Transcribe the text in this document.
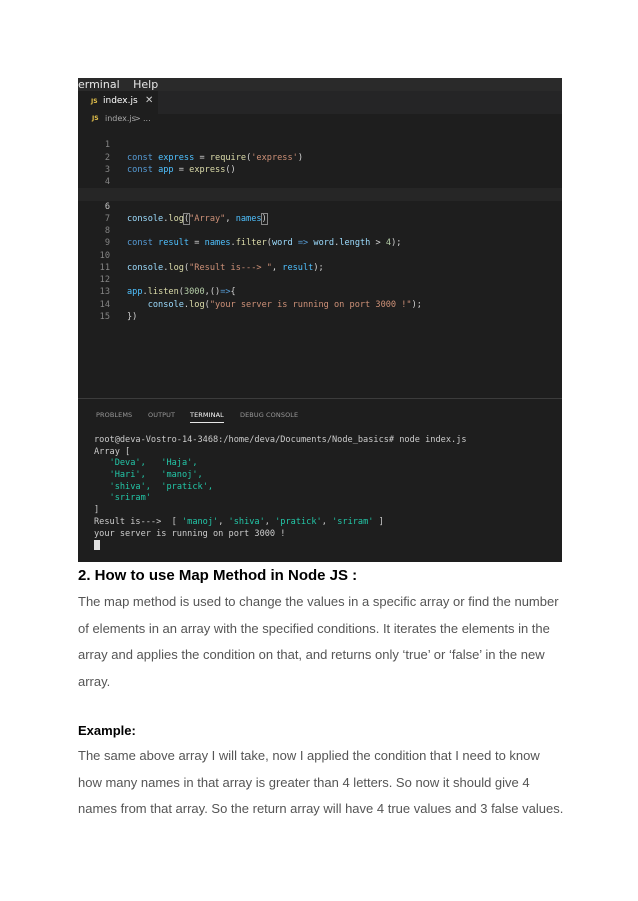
erminal Help
JS index.js ✕
JS index.js
> ...

1

const express = require('express')

2

const app = express()

3

4

6

console.log("Array", names)

7

8

const result = names.filter(word => word.length > 4);

9

10

console.log("Result is---> ", result);

11

12

app.listen(3000,()=>{

13

console.log("your server is running on port 3000 !");

14

})

15

PROBLEMS OUTPUT TERMINAL DEBUG CONSOLE
root@deva-Vostro-14-3468:/home/deva/Documents/Node_basics# node index.js
Array [
'Deva', 'Haja',
'Hari', 'manoj',
'shiva', 'pratick',
'sriram'
]
Result is--->  [ 'manoj', 'shiva', 'pratick', 'sriram' ]
your server is running on port 3000 !
2. How to use Map Method in Node JS :

The map method is used to change the values in a specific array or find the number

of elements in an array with the specified conditions. It iterates the elements in the

array and applies the condition on that, and returns only ‘true’ or ‘false’ in the new

array.

Example:

The same above array I will take, now I applied the condition that I need to know

how many names in that array is greater than 4 letters. So now it should give 4

names from that array. So the return array will have 4 true values and 3 false values.
